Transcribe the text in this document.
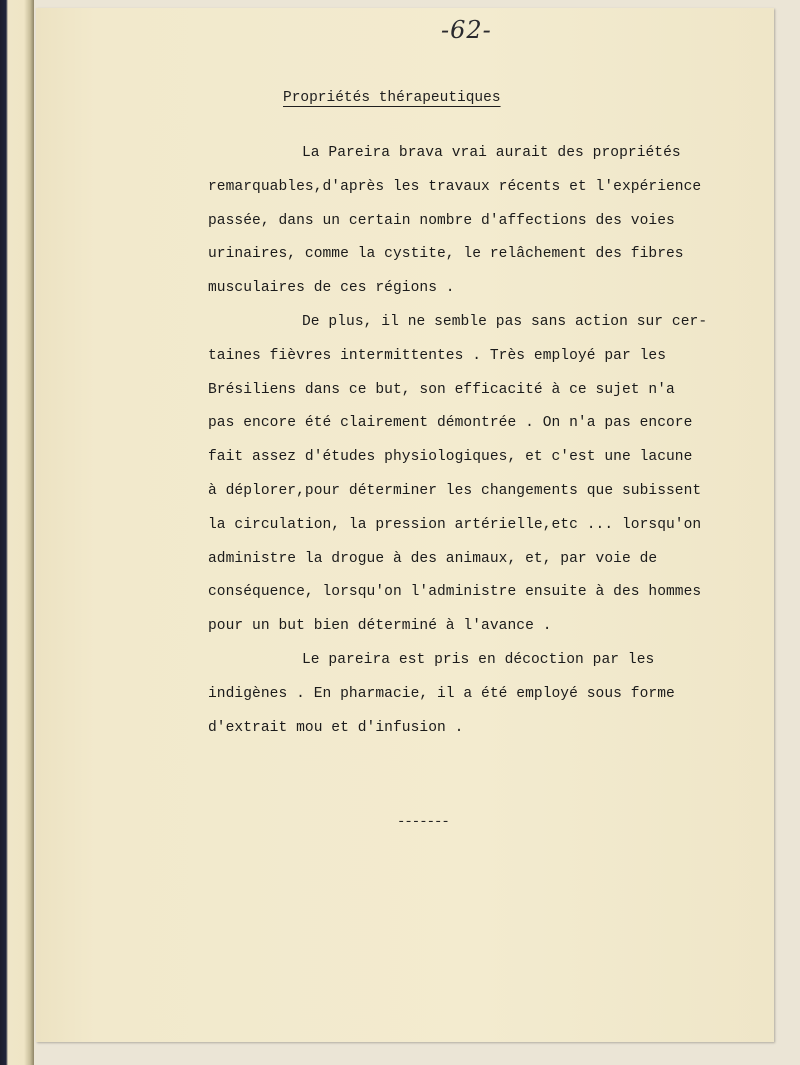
-62-
Propriétés thérapeutiques
La Pareira brava vrai aurait des propriétés
remarquables,d'après les travaux récents et l'expérience
passée, dans un certain nombre d'affections des voies
urinaires, comme la cystite, le relâchement des fibres
musculaires de ces régions .
De plus, il ne semble pas sans action sur cer-
taines fièvres intermittentes . Très employé par les
Brésiliens dans ce but, son efficacité à ce sujet n'a
pas encore été clairement démontrée . On n'a pas encore
fait assez d'études physiologiques, et c'est une lacune
à déplorer,pour déterminer les changements que subissent
la circulation, la pression artérielle,etc ... lorsqu'on
administre la drogue à des animaux, et, par voie de
conséquence, lorsqu'on l'administre ensuite à des hommes
pour un but bien déterminé à l'avance .
Le pareira est pris en décoction par les
indigènes . En pharmacie, il a été employé sous forme
d'extrait mou et d'infusion .
-------
